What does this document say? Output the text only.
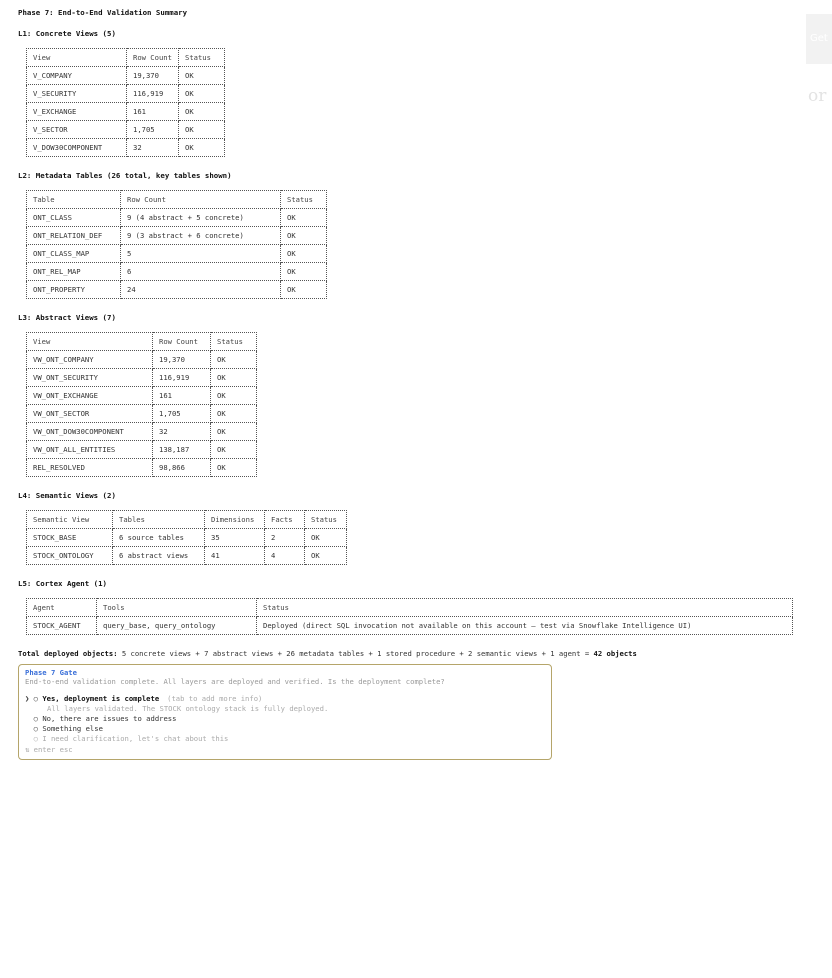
Get
or
Phase 7: End-to-End Validation Summary
L1: Concrete Views (5)
View	Row Count	Status
V_COMPANY	19,370	OK
V_SECURITY	116,919	OK
V_EXCHANGE	161	OK
V_SECTOR	1,705	OK
V_DOW30COMPONENT	32	OK
L2: Metadata Tables (26 total, key tables shown)
Table	Row Count	Status
ONT_CLASS	9 (4 abstract + 5 concrete)	OK
ONT_RELATION_DEF	9 (3 abstract + 6 concrete)	OK
ONT_CLASS_MAP	5	OK
ONT_REL_MAP	6	OK
ONT_PROPERTY	24	OK
L3: Abstract Views (7)
View	Row Count	Status
VW_ONT_COMPANY	19,370	OK
VW_ONT_SECURITY	116,919	OK
VW_ONT_EXCHANGE	161	OK
VW_ONT_SECTOR	1,705	OK
VW_ONT_DOW30COMPONENT	32	OK
VW_ONT_ALL_ENTITIES	138,187	OK
REL_RESOLVED	98,866	OK
L4: Semantic Views (2)
Semantic View	Tables	Dimensions	Facts	Status
STOCK_BASE	6 source tables	35	2	OK
STOCK_ONTOLOGY	6 abstract views	41	4	OK
L5: Cortex Agent (1)
Agent	Tools	Status
STOCK_AGENT	query_base, query_ontology	Deployed (direct SQL invocation not available on this account — test via Snowflake Intelligence UI)
Total deployed objects: 5 concrete views + 7 abstract views + 26 metadata tables + 1 stored procedure + 2 semantic views + 1 agent = 42 objects
Phase 7 Gate
End-to-end validation complete. All layers are deployed and verified. Is the deployment complete?
❯ ○ Yes, deployment is complete (tab to add more info)
All layers validated. The STOCK ontology stack is fully deployed.
○ No, there are issues to address
○ Something else
○ I need clarification, let's chat about this
⇅ enter esc
